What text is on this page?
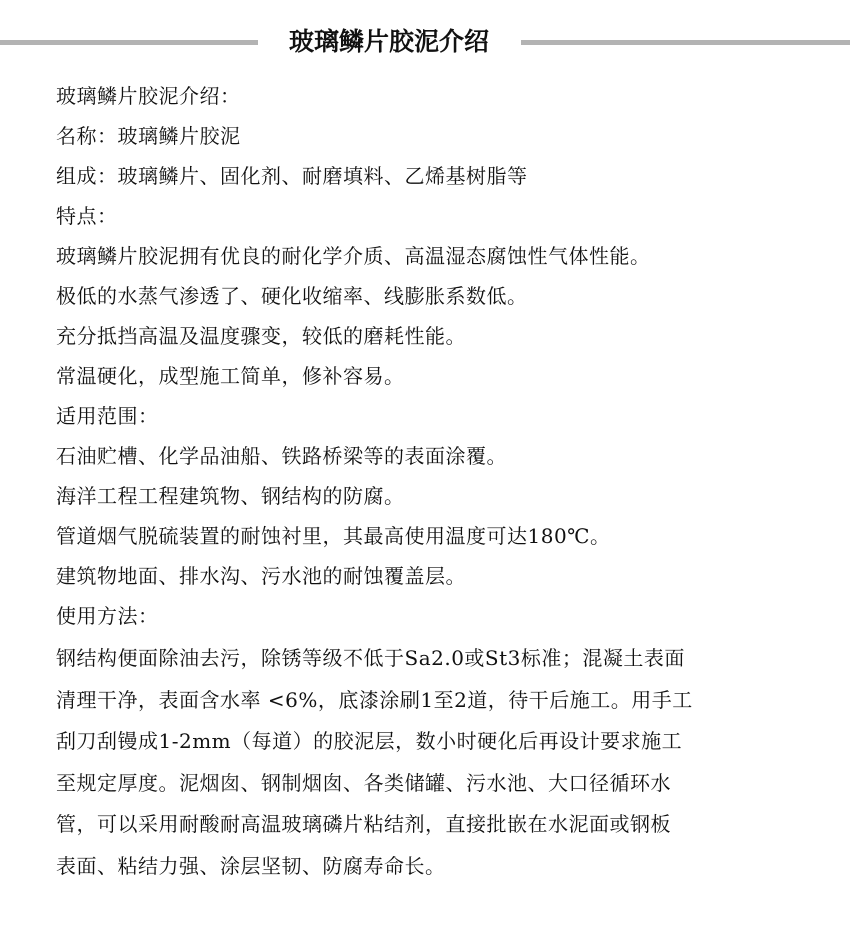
玻璃鳞片胶泥介绍
玻璃鳞片胶泥介绍：
名称：玻璃鳞片胶泥
组成：玻璃鳞片、固化剂、耐磨填料、乙烯基树脂等
特点：
玻璃鳞片胶泥拥有优良的耐化学介质、高温湿态腐蚀性气体性能。
极低的水蒸气渗透了、硬化收缩率、线膨胀系数低。
充分抵挡高温及温度骤变，较低的磨耗性能。
常温硬化，成型施工简单，修补容易。
适用范围：
石油贮槽、化学品油船、铁路桥梁等的表面涂覆。
海洋工程工程建筑物、钢结构的防腐。
管道烟气脱硫装置的耐蚀衬里，其最高使用温度可达180℃。
建筑物地面、排水沟、污水池的耐蚀覆盖层。
使用方法：
钢结构便面除油去污，除锈等级不低于Sa2.0或St3标准；混凝土表面
清理干净，表面含水率 <6%，底漆涂刷1至2道，待干后施工。用手工
刮刀刮镘成1-2mm（每道）的胶泥层，数小时硬化后再设计要求施工
至规定厚度。泥烟囱、钢制烟囱、各类储罐、污水池、大口径循环水
管，可以采用耐酸耐高温玻璃磷片粘结剂，直接批嵌在水泥面或钢板
表面、粘结力强、涂层坚韧、防腐寿命长。
